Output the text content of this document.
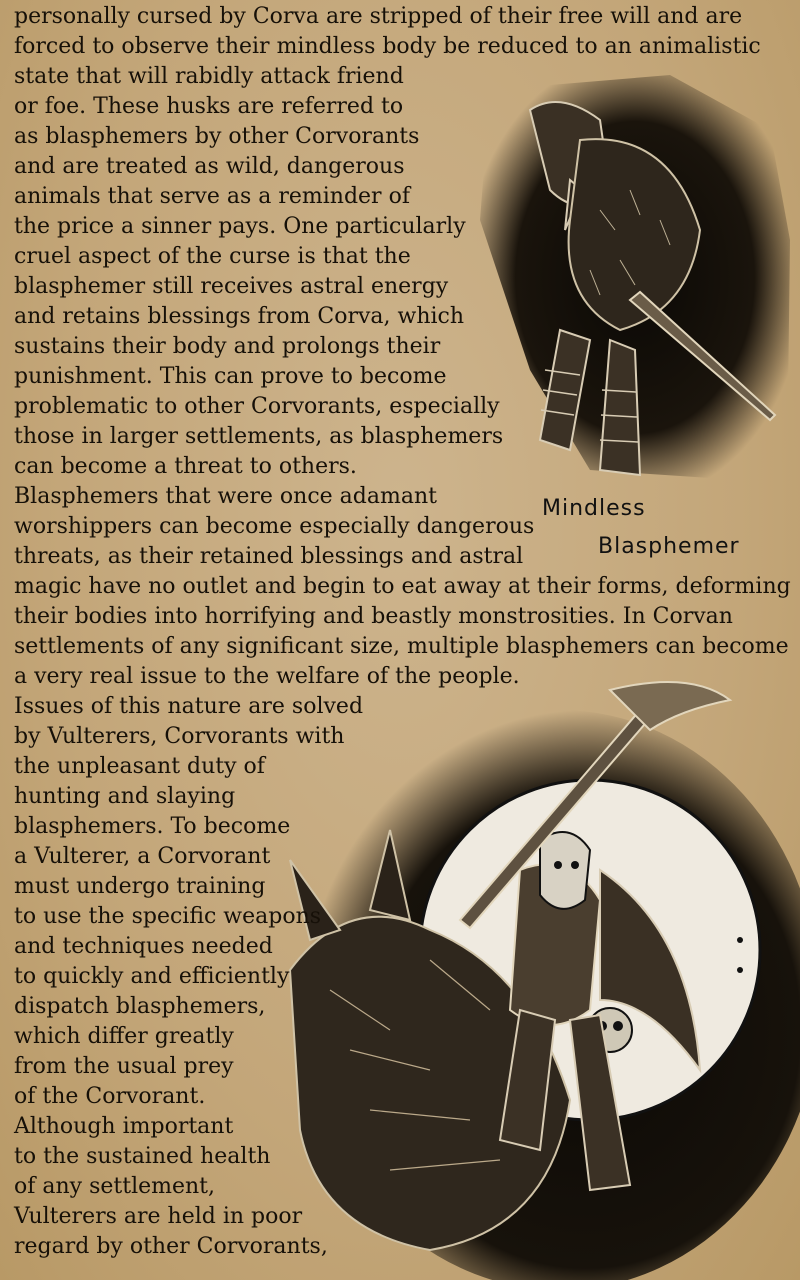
Mindless
Blasphemer

personally cursed by Corva are stripped of their free will and are

forced to observe their mindless body be reduced to an animalistic

state that will rabidly attack friend

or foe. These husks are referred to

as blasphemers by other Corvorants

and are treated as wild, dangerous

animals that serve as a reminder of

the price a sinner pays. One particularly

cruel aspect of the curse is that the

blasphemer still receives astral energy

and retains blessings from Corva, which

sustains their body and prolongs their

punishment. This can prove to become

problematic to other Corvorants, especially

those in larger settlements, as blasphemers

can become a threat to others.

Blasphemers that were once adamant

worshippers can become especially dangerous

threats, as their retained blessings and astral

magic have no outlet and begin to eat away at their forms, deforming

their bodies into horrifying and beastly monstrosities. In Corvan

settlements of any significant size, multiple blasphemers can become

a very real issue to the welfare of the people.

Issues of this nature are solved

by Vulterers, Corvorants with

the unpleasant duty of

hunting and slaying

blasphemers. To become

a Vulterer, a Corvorant

must undergo training

to use the specific weapons

and techniques needed

to quickly and efficiently

dispatch blasphemers,

which differ greatly

from the usual prey

of the Corvorant.

Although important

to the sustained health

of any settlement,

Vulterers are held in poor

regard by other Corvorants,
